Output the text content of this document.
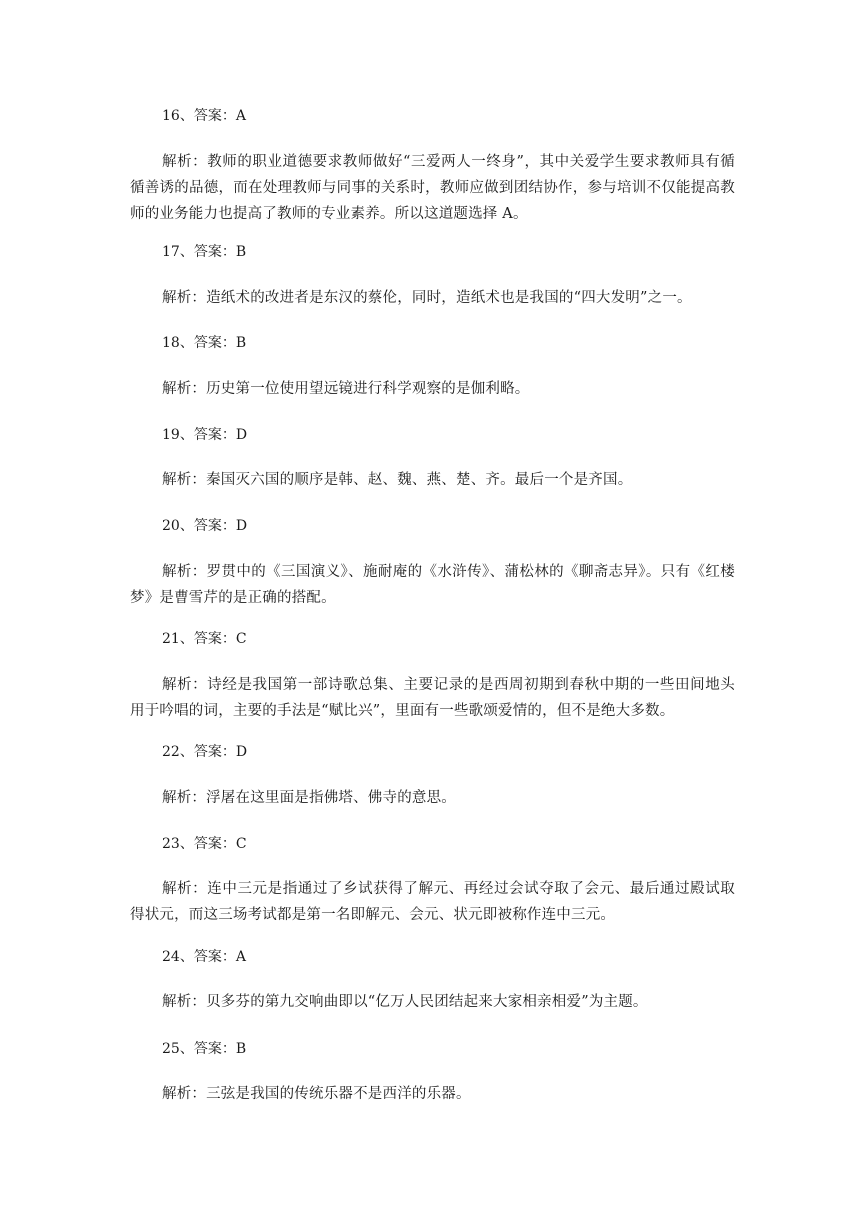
16、答案：A
解析：教师的职业道德要求教师做好“三爱两人一终身”，其中关爱学生要求教师具有循循善诱的品德，而在处理教师与同事的关系时，教师应做到团结协作，参与培训不仅能提高教师的业务能力也提高了教师的专业素养。所以这道题选择 A。
17、答案：B
解析：造纸术的改进者是东汉的蔡伦，同时，造纸术也是我国的“四大发明”之一。
18、答案：B
解析：历史第一位使用望远镜进行科学观察的是伽利略。
19、答案：D
解析：秦国灭六国的顺序是韩、赵、魏、燕、楚、齐。最后一个是齐国。
20、答案：D
解析：罗贯中的《三国演义》、施耐庵的《水浒传》、蒲松林的《聊斋志异》。只有《红楼梦》是曹雪芹的是正确的搭配。
21、答案：C
解析：诗经是我国第一部诗歌总集、主要记录的是西周初期到春秋中期的一些田间地头用于吟唱的词，主要的手法是“赋比兴”，里面有一些歌颂爱情的，但不是绝大多数。
22、答案：D
解析：浮屠在这里面是指佛塔、佛寺的意思。
23、答案：C
解析：连中三元是指通过了乡试获得了解元、再经过会试夺取了会元、最后通过殿试取得状元，而这三场考试都是第一名即解元、会元、状元即被称作连中三元。
24、答案：A
解析：贝多芬的第九交响曲即以“亿万人民团结起来大家相亲相爱”为主题。
25、答案：B
解析：三弦是我国的传统乐器不是西洋的乐器。
